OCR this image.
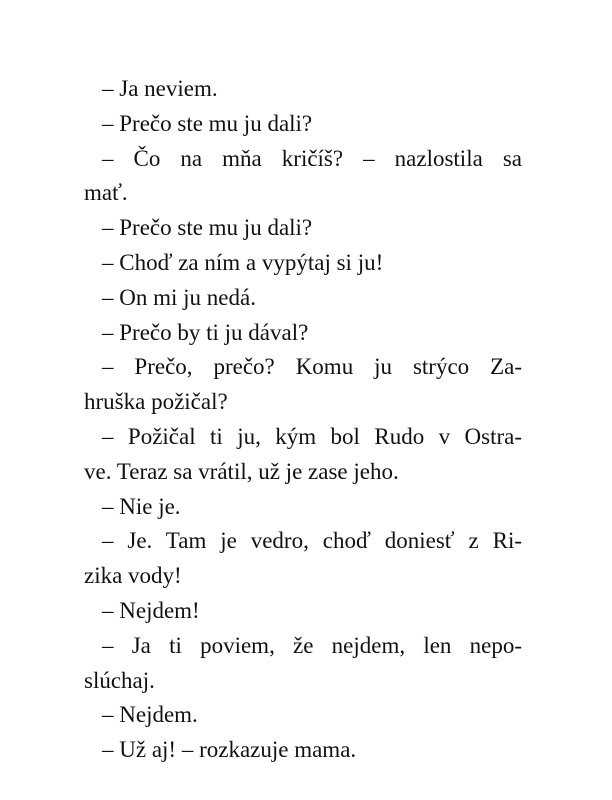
– Ja neviem.
– Prečo ste mu ju dali?
– Čo na mňa kričíš? – nazlostila sa
mať.
– Prečo ste mu ju dali?
– Choď za ním a vypýtaj si ju!
– On mi ju nedá.
– Prečo by ti ju dával?
– Prečo, prečo? Komu ju strýco Za-
hruška požičal?
– Požičal ti ju, kým bol Rudo v Ostra-
ve. Teraz sa vrátil, už je zase jeho.
– Nie je.
– Je. Tam je vedro, choď doniesť z Ri-
zika vody!
– Nejdem!
– Ja ti poviem, že nejdem, len nepo-
slúchaj.
– Nejdem.
– Už aj! – rozkazuje mama.
